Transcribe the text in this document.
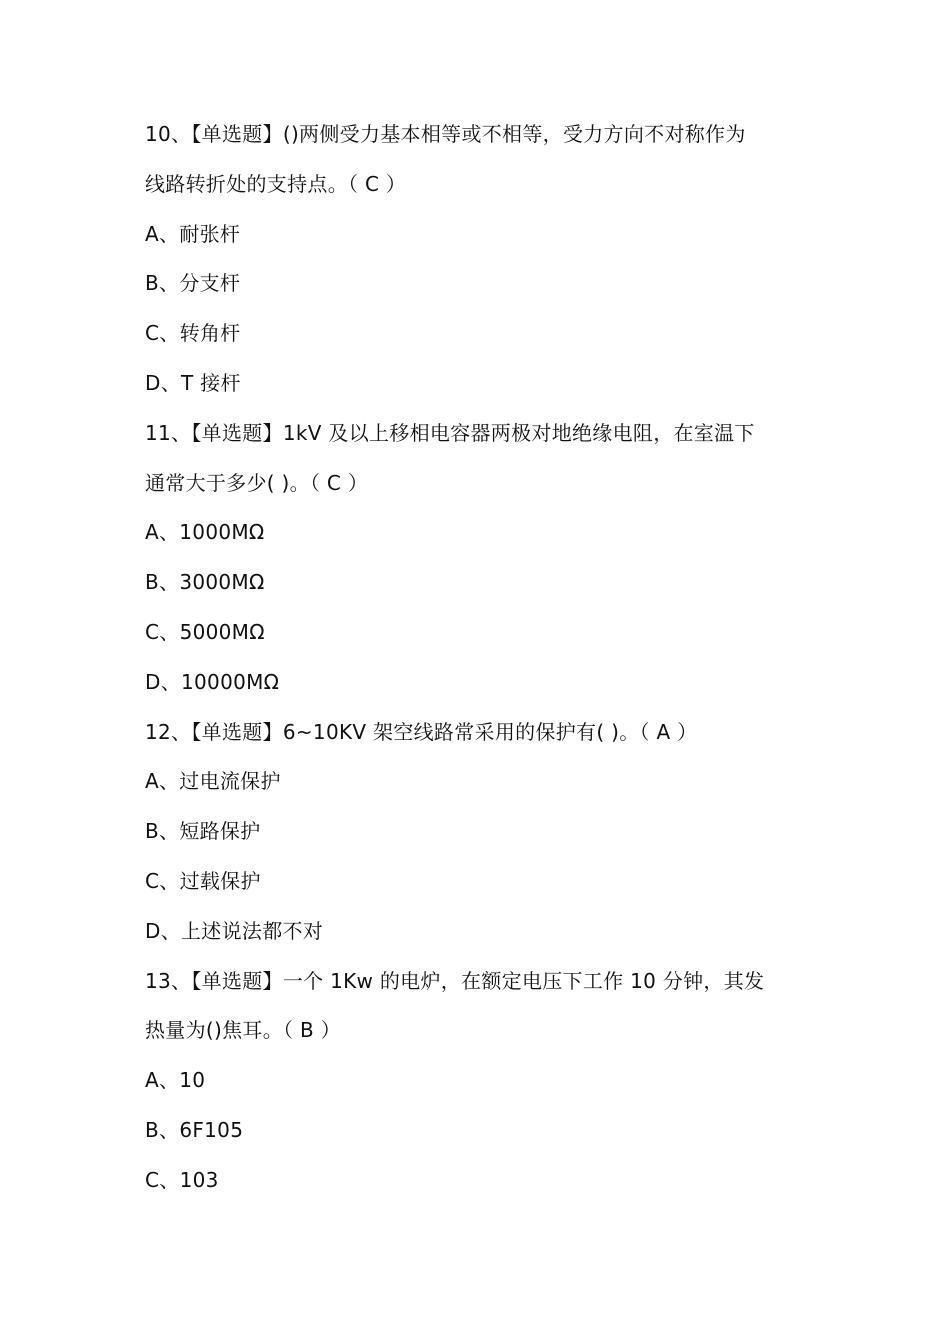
10、【单选题】()两侧受力基本相等或不相等，受力方向不对称作为
线路转折处的支持点。（ C ）
A、耐张杆
B、分支杆
C、转角杆
D、T 接杆
11、【单选题】1kV 及以上移相电容器两极对地绝缘电阻，在室温下
通常大于多少( )。（ C ）
A、1000MΩ
B、3000MΩ
C、5000MΩ
D、10000MΩ
12、【单选题】6~10KV 架空线路常采用的保护有( )。（ A ）
A、过电流保护
B、短路保护
C、过载保护
D、上述说法都不对
13、【单选题】一个 1Kw 的电炉，在额定电压下工作 10 分钟，其发
热量为()焦耳。（ B ）
A、10
B、6F105
C、103
